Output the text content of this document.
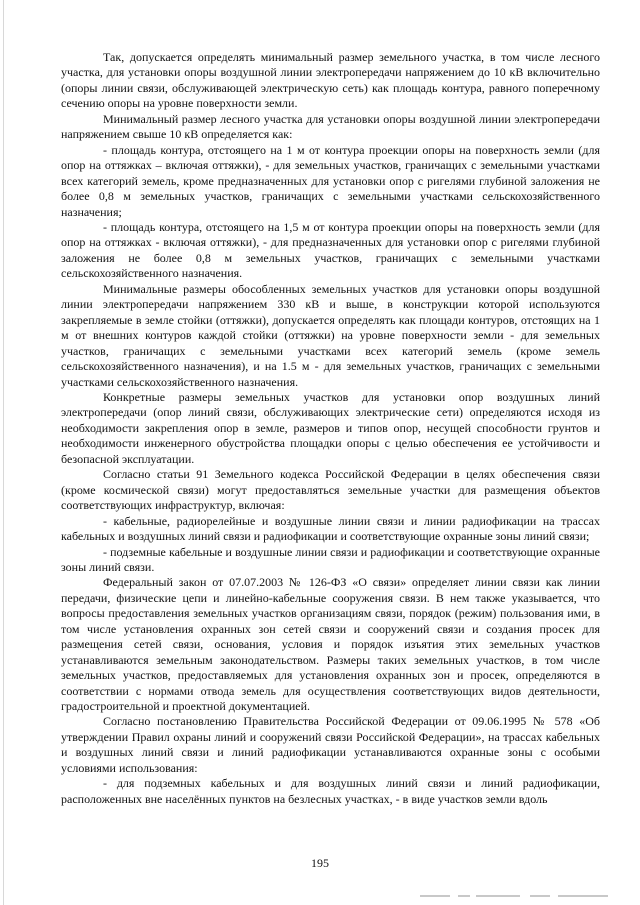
Так, допускается определять минимальный размер земельного участка, в том числе лесного участка, для установки опоры воздушной линии электропередачи напряжением до 10 кВ включительно (опоры линии связи, обслуживающей электрическую сеть) как площадь контура, равного поперечному сечению опоры на уровне поверхности земли.

Минимальный размер лесного участка для установки опоры воздушной линии электропередачи напряжением свыше 10 кВ определяется как:

- площадь контура, отстоящего на 1 м от контура проекции опоры на поверхность земли (для опор на оттяжках – включая оттяжки), - для земельных участков, граничащих с земельными участками всех категорий земель, кроме предназначенных для установки опор с ригелями глубиной заложения не более 0,8 м земельных участков, граничащих с земельными участками сельскохозяйственного назначения;

- площадь контура, отстоящего на 1,5 м от контура проекции опоры на поверхность земли (для опор на оттяжках - включая оттяжки), - для предназначенных для установки опор с ригелями глубиной заложения не более 0,8 м земельных участков, граничащих с земельными участками сельскохозяйственного назначения.

Минимальные размеры обособленных земельных участков для установки опоры воздушной линии электропередачи напряжением 330 кВ и выше, в конструкции которой используются закрепляемые в земле стойки (оттяжки), допускается определять как площади контуров, отстоящих на 1 м от внешних контуров каждой стойки (оттяжки) на уровне поверхности земли - для земельных участков, граничащих с земельными участками всех категорий земель (кроме земель сельскохозяйственного назначения), и на 1.5 м - для земельных участков, граничащих с земельными участками сельскохозяйственного назначения.

Конкретные размеры земельных участков для установки опор воздушных линий электропередачи (опор линий связи, обслуживающих электрические сети) определяются исходя из необходимости закрепления опор в земле, размеров и типов опор, несущей способности грунтов и необходимости инженерного обустройства площадки опоры с целью обеспечения ее устойчивости и безопасной эксплуатации.

Согласно статьи 91 Земельного кодекса Российской Федерации в целях обеспечения связи (кроме космической связи) могут предоставляться земельные участки для размещения объектов соответствующих инфраструктур, включая:

- кабельные, радиорелейные и воздушные линии связи и линии радиофикации на трассах кабельных и воздушных линий связи и радиофикации и соответствующие охранные зоны линий связи;

- подземные кабельные и воздушные линии связи и радиофикации и соответствующие охранные зоны линий связи.

Федеральный закон от 07.07.2003 № 126-ФЗ «О связи» определяет линии связи как линии передачи, физические цепи и линейно-кабельные сооружения связи. В нем также указывается, что вопросы предоставления земельных участков организациям связи, порядок (режим) пользования ими, в том числе установления охранных зон сетей связи и сооружений связи и создания просек для размещения сетей связи, основания, условия и порядок изъятия этих земельных участков устанавливаются земельным законодательством. Размеры таких земельных участков, в том числе земельных участков, предоставляемых для установления охранных зон и просек, определяются в соответствии с нормами отвода земель для осуществления соответствующих видов деятельности, градостроительной и проектной документацией.

Согласно постановлению Правительства Российской Федерации от 09.06.1995 № 578 «Об утверждении Правил охраны линий и сооружений связи Российской Федерации», на трассах кабельных и воздушных линий связи и линий радиофикации устанавливаются охранные зоны с особыми условиями использования:

- для подземных кабельных и для воздушных линий связи и линий радиофикации, расположенных вне населённых пунктов на безлесных участках, - в виде участков земли вдоль

195
